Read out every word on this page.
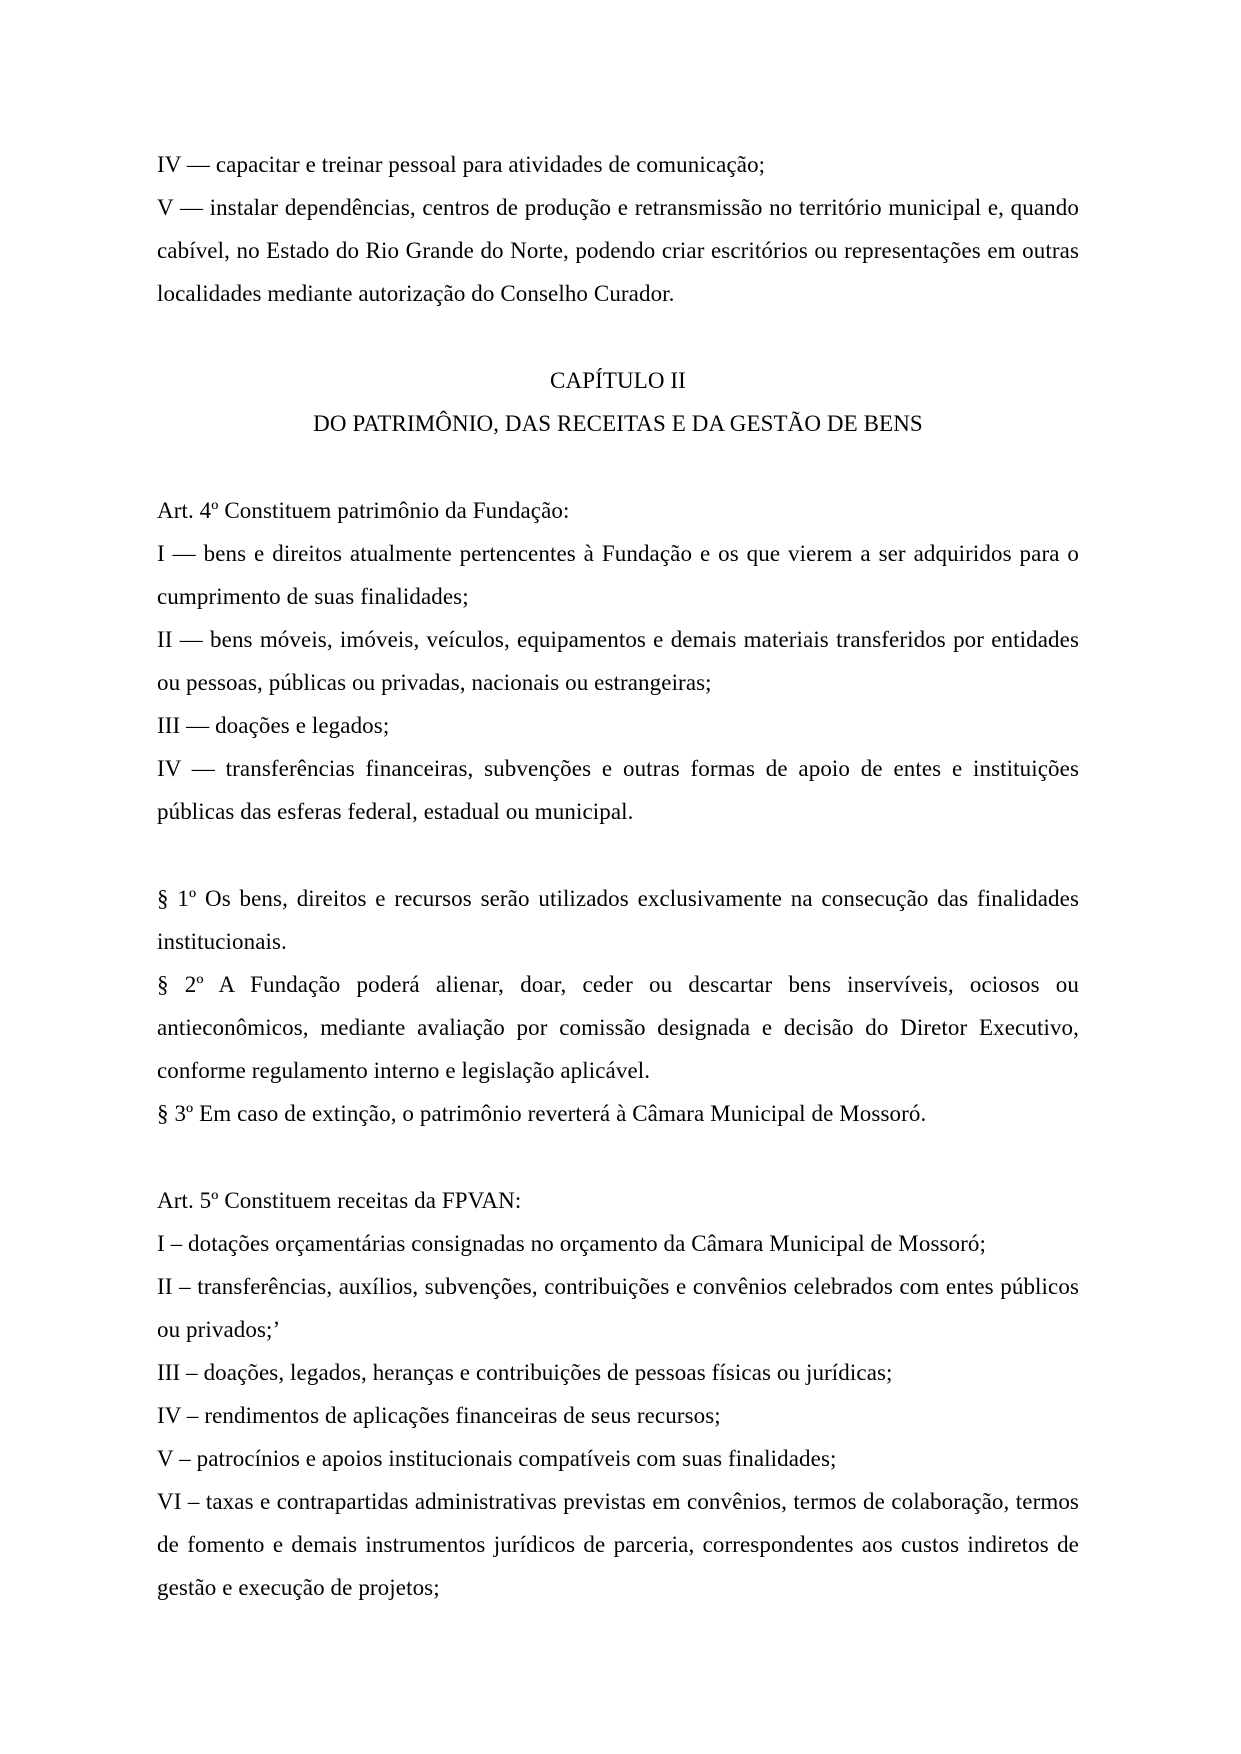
IV — capacitar e treinar pessoal para atividades de comunicação;

V — instalar dependências, centros de produção e retransmissão no território municipal e, quando cabível, no Estado do Rio Grande do Norte, podendo criar escritórios ou representações em outras localidades mediante autorização do Conselho Curador.

CAPÍTULO II

DO PATRIMÔNIO, DAS RECEITAS E DA GESTÃO DE BENS

Art. 4º Constituem patrimônio da Fundação:

I — bens e direitos atualmente pertencentes à Fundação e os que vierem a ser adquiridos para o cumprimento de suas finalidades;

II — bens móveis, imóveis, veículos, equipamentos e demais materiais transferidos por entidades ou pessoas, públicas ou privadas, nacionais ou estrangeiras;

III — doações e legados;

IV — transferências financeiras, subvenções e outras formas de apoio de entes e instituições públicas das esferas federal, estadual ou municipal.

§ 1º Os bens, direitos e recursos serão utilizados exclusivamente na consecução das finalidades institucionais.

§ 2º A Fundação poderá alienar, doar, ceder ou descartar bens inservíveis, ociosos ou antieconômicos, mediante avaliação por comissão designada e decisão do Diretor Executivo, conforme regulamento interno e legislação aplicável.

§ 3º Em caso de extinção, o patrimônio reverterá à Câmara Municipal de Mossoró.

Art. 5º Constituem receitas da FPVAN:

I – dotações orçamentárias consignadas no orçamento da Câmara Municipal de Mossoró;

II – transferências, auxílios, subvenções, contribuições e convênios celebrados com entes públicos ou privados;’

III – doações, legados, heranças e contribuições de pessoas físicas ou jurídicas;

IV – rendimentos de aplicações financeiras de seus recursos;

V – patrocínios e apoios institucionais compatíveis com suas finalidades;

VI – taxas e contrapartidas administrativas previstas em convênios, termos de colaboração, termos de fomento e demais instrumentos jurídicos de parceria, correspondentes aos custos indiretos de gestão e execução de projetos;
